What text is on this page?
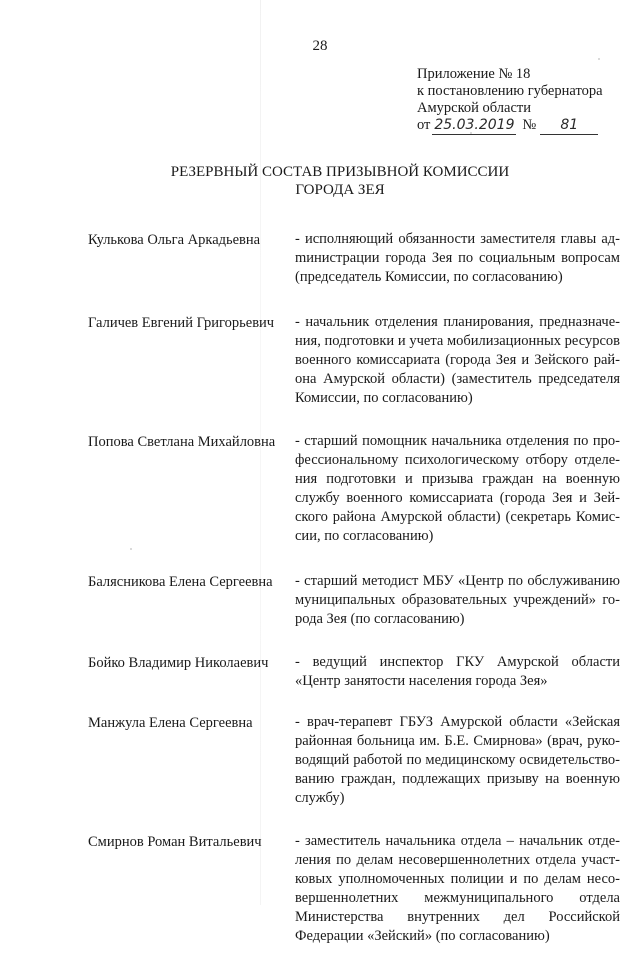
28
Приложение № 18
к постановлению губернатора
Амурской области
от 25.03.2019 №	81
РЕЗЕРВНЫЙ СОСТАВ ПРИЗЫВНОЙ КОМИССИИ
ГОРОДА ЗЕЯ
Кулькова Ольга Аркадьевна	- исполняющий обязанности заместителя главы адmинистрации города Зея по социальным вопросам (председатель Комиссии, по согласованию)
Галичев Евгений Григорьевич	- начальник отделения планирования, предназначения, подготовки и учета мобилизационных ресурсов военного комиссариата (города Зея и Зейского района Амурской области) (заместитель председателя Комиссии, по согласованию)
Попова Светлана Михайловна	- старший помощник начальника отделения по профессиональному психологическому отбору отделения подготовки и призыва граждан на военную службу военного комиссариата (города Зея и Зейского района Амурской области) (секретарь Комиссии, по согласованию)
Балясникова Елена Сергеевна	- старший методист МБУ «Центр по обслуживанию муниципальных образовательных учреждений» города Зея (по согласованию)
Бойко Владимир Николаевич	- ведущий инспектор ГКУ Амурской области «Центр занятости населения города Зея»
Манжула Елена Сергеевна	- врач-терапевт ГБУЗ Амурской области «Зейская районная больница им. Б.Е. Смирнова» (врач, руководящий работой по медицинскому освидетельствованию граждан, подлежащих призыву на военную службу)
Смирнов Роман Витальевич	- заместитель начальника отдела – начальник отделения по делам несовершеннолетних отдела участковых уполномоченных полиции и по делам несовершеннолетних межмуниципального отдела Министерства внутренних дел Российской Федерации «Зейский» (по согласованию)
